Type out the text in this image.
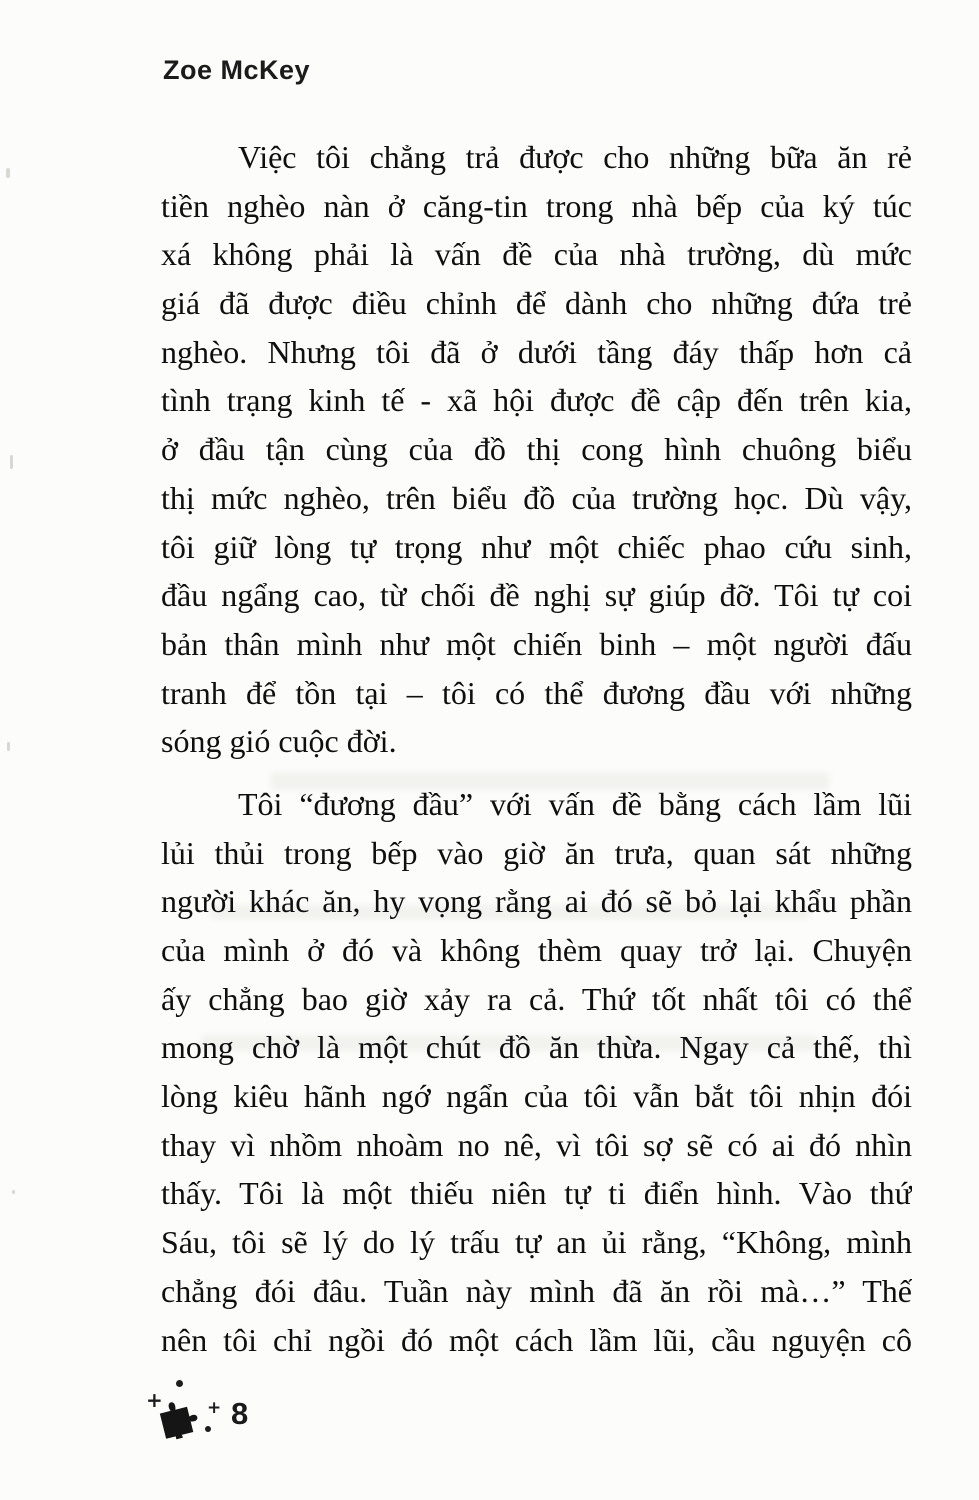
Zoe McKey
Việc tôi chẳng trả được cho những bữa ăn rẻ
tiền nghèo nàn ở căng-tin trong nhà bếp của ký túc
xá không phải là vấn đề của nhà trường, dù mức
giá đã được điều chỉnh để dành cho những đứa trẻ
nghèo. Nhưng tôi đã ở dưới tầng đáy thấp hơn cả
tình trạng kinh tế - xã hội được đề cập đến trên kia,
ở đầu tận cùng của đồ thị cong hình chuông biểu
thị mức nghèo, trên biểu đồ của trường học. Dù vậy,
tôi giữ lòng tự trọng như một chiếc phao cứu sinh,
đầu ngẩng cao, từ chối đề nghị sự giúp đỡ. Tôi tự coi
bản thân mình như một chiến binh – một người đấu
tranh để tồn tại – tôi có thể đương đầu với những
sóng gió cuộc đời.
Tôi “đương đầu” với vấn đề bằng cách lầm lũi
lủi thủi trong bếp vào giờ ăn trưa, quan sát những
người khác ăn, hy vọng rằng ai đó sẽ bỏ lại khẩu phần
của mình ở đó và không thèm quay trở lại. Chuyện
ấy chẳng bao giờ xảy ra cả. Thứ tốt nhất tôi có thể
mong chờ là một chút đồ ăn thừa. Ngay cả thế, thì
lòng kiêu hãnh ngớ ngẩn của tôi vẫn bắt tôi nhịn đói
thay vì nhồm nhoàm no nê, vì tôi sợ sẽ có ai đó nhìn
thấy. Tôi là một thiếu niên tự ti điển hình. Vào thứ
Sáu, tôi sẽ lý do lý trấu tự an ủi rằng, “Không, mình
chẳng đói đâu. Tuần này mình đã ăn rồi mà…” Thế
nên tôi chỉ ngồi đó một cách lầm lũi, cầu nguyện cô
+	+ 8
